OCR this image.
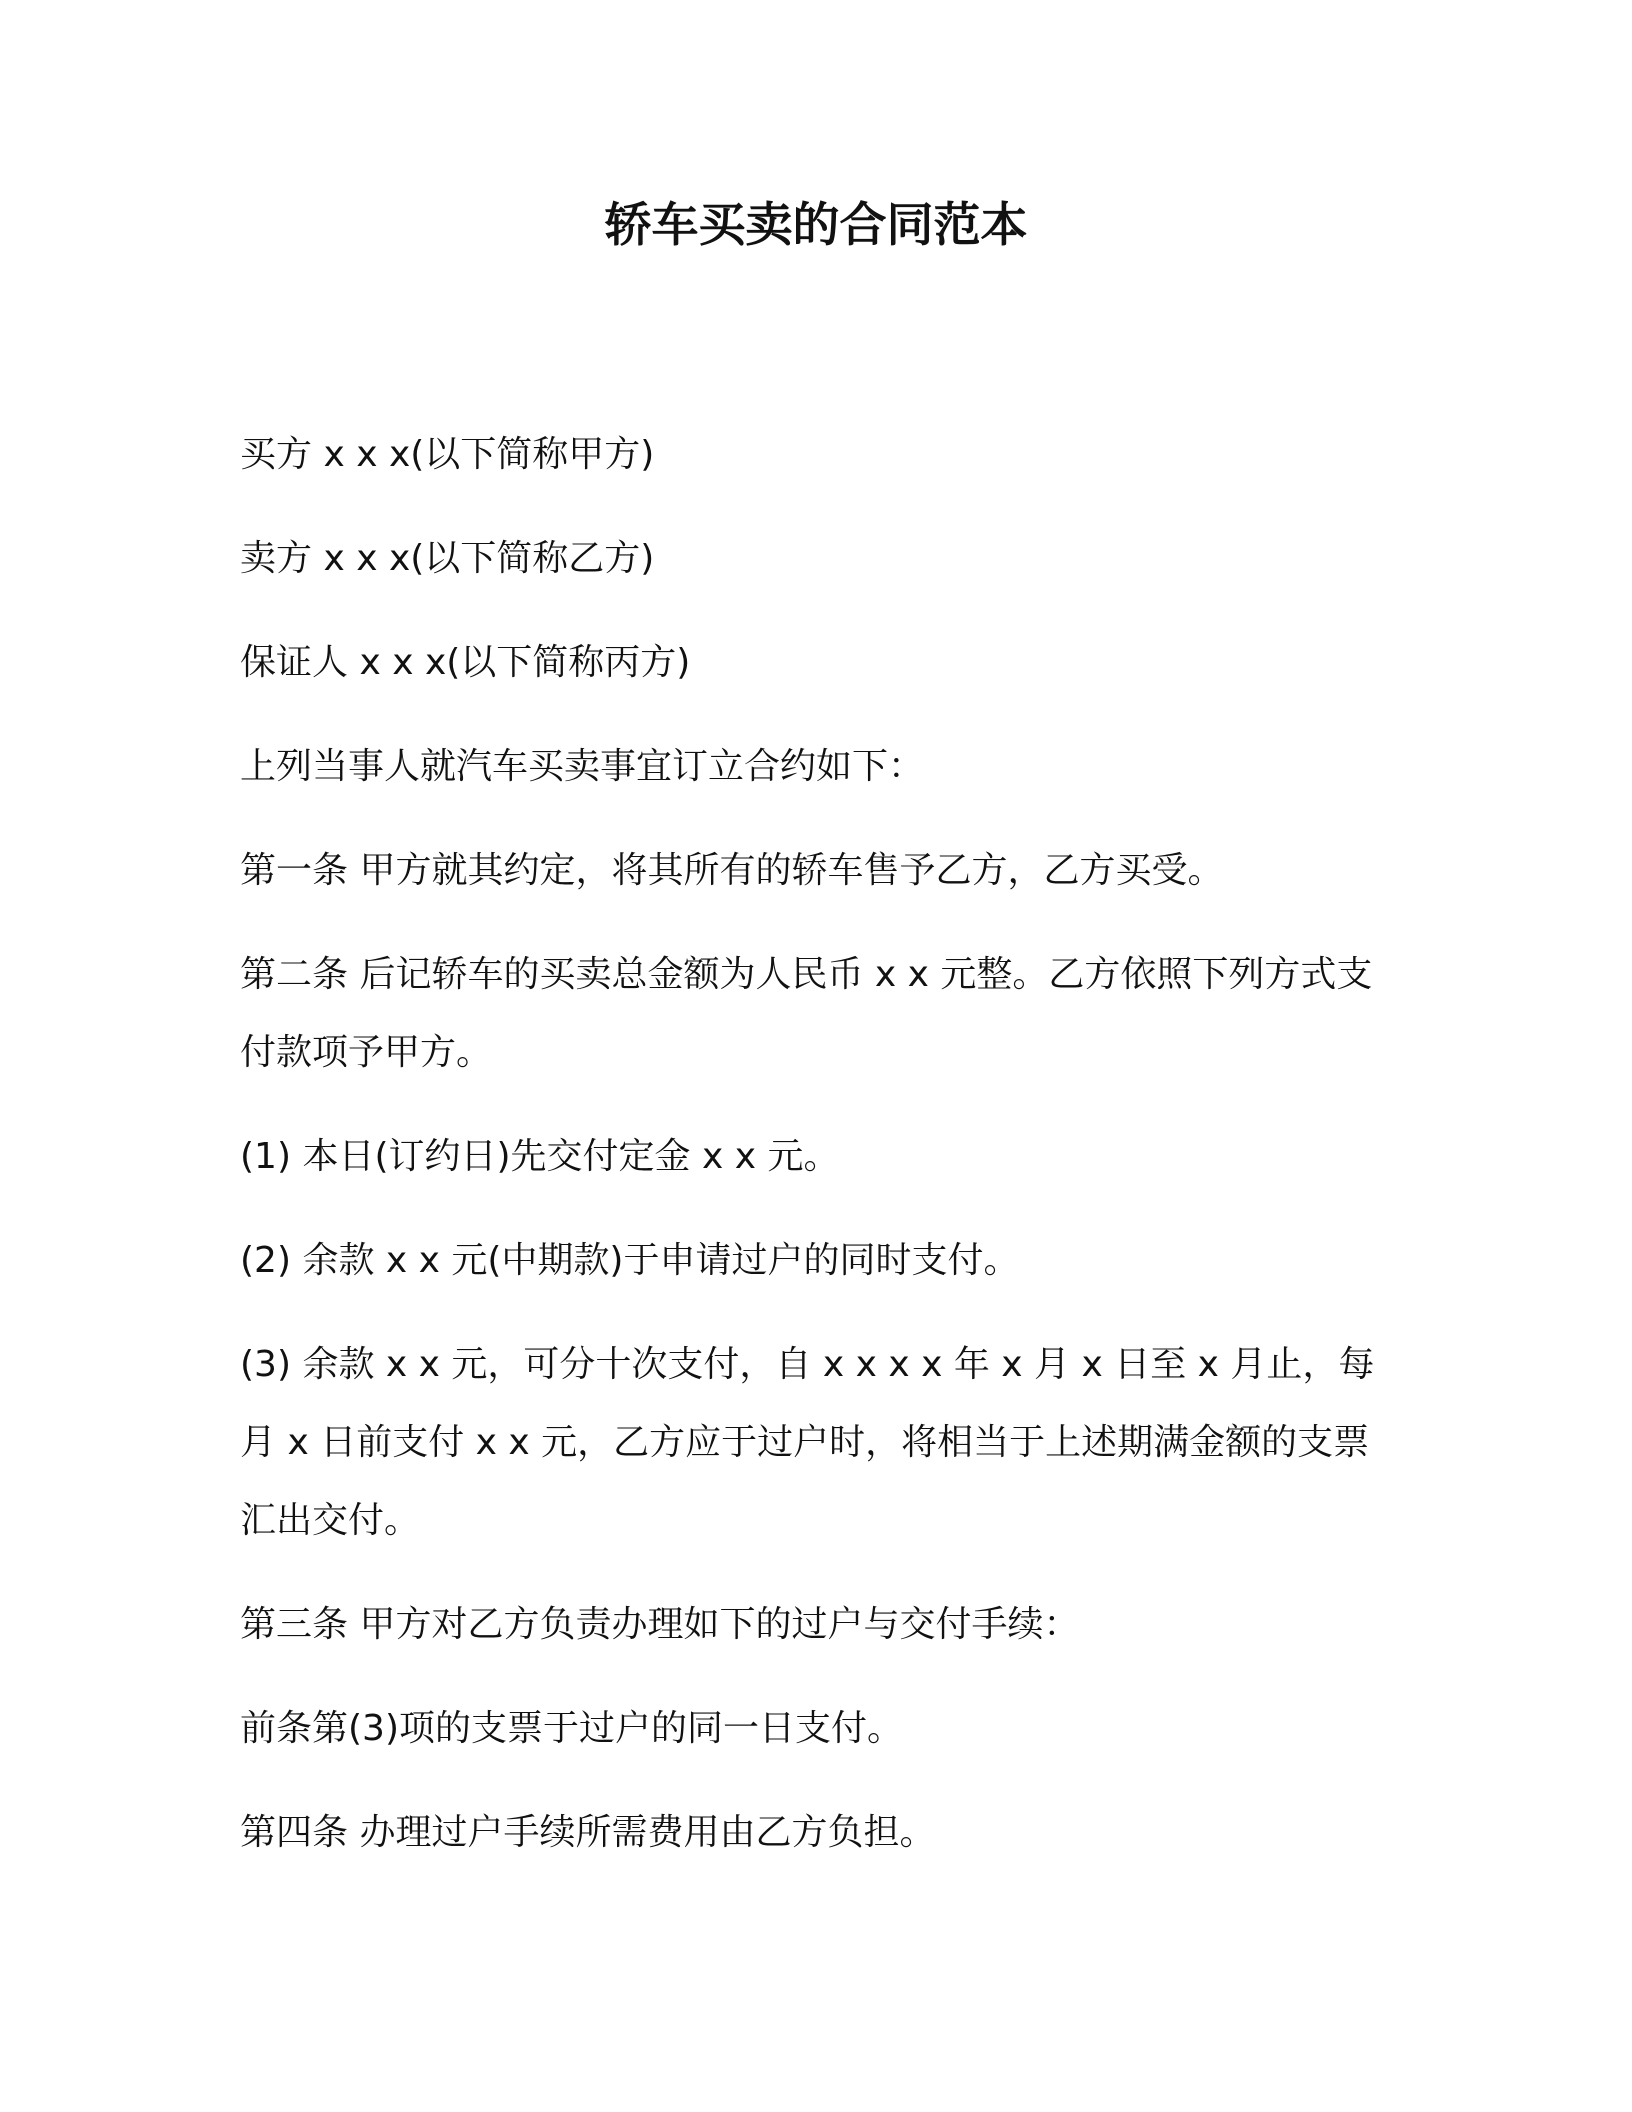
轿车买卖的合同范本

买方 x x x(以下简称甲方)

卖方 x x x(以下简称乙方)

保证人 x x x(以下简称丙方)

上列当事人就汽车买卖事宜订立合约如下：

第一条 甲方就其约定，将其所有的轿车售予乙方，乙方买受。

第二条 后记轿车的买卖总金额为人民币 x x 元整。乙方依照下列方式支付款项予甲方。

(1) 本日(订约日)先交付定金 x x 元。

(2) 余款 x x 元(中期款)于申请过户的同时支付。

(3) 余款 x x 元，可分十次支付，自 x x x x 年 x 月 x 日至 x 月止，每月 x 日前支付 x x 元，乙方应于过户时，将相当于上述期满金额的支票汇出交付。

第三条 甲方对乙方负责办理如下的过户与交付手续：

前条第(3)项的支票于过户的同一日支付。

第四条 办理过户手续所需费用由乙方负担。
